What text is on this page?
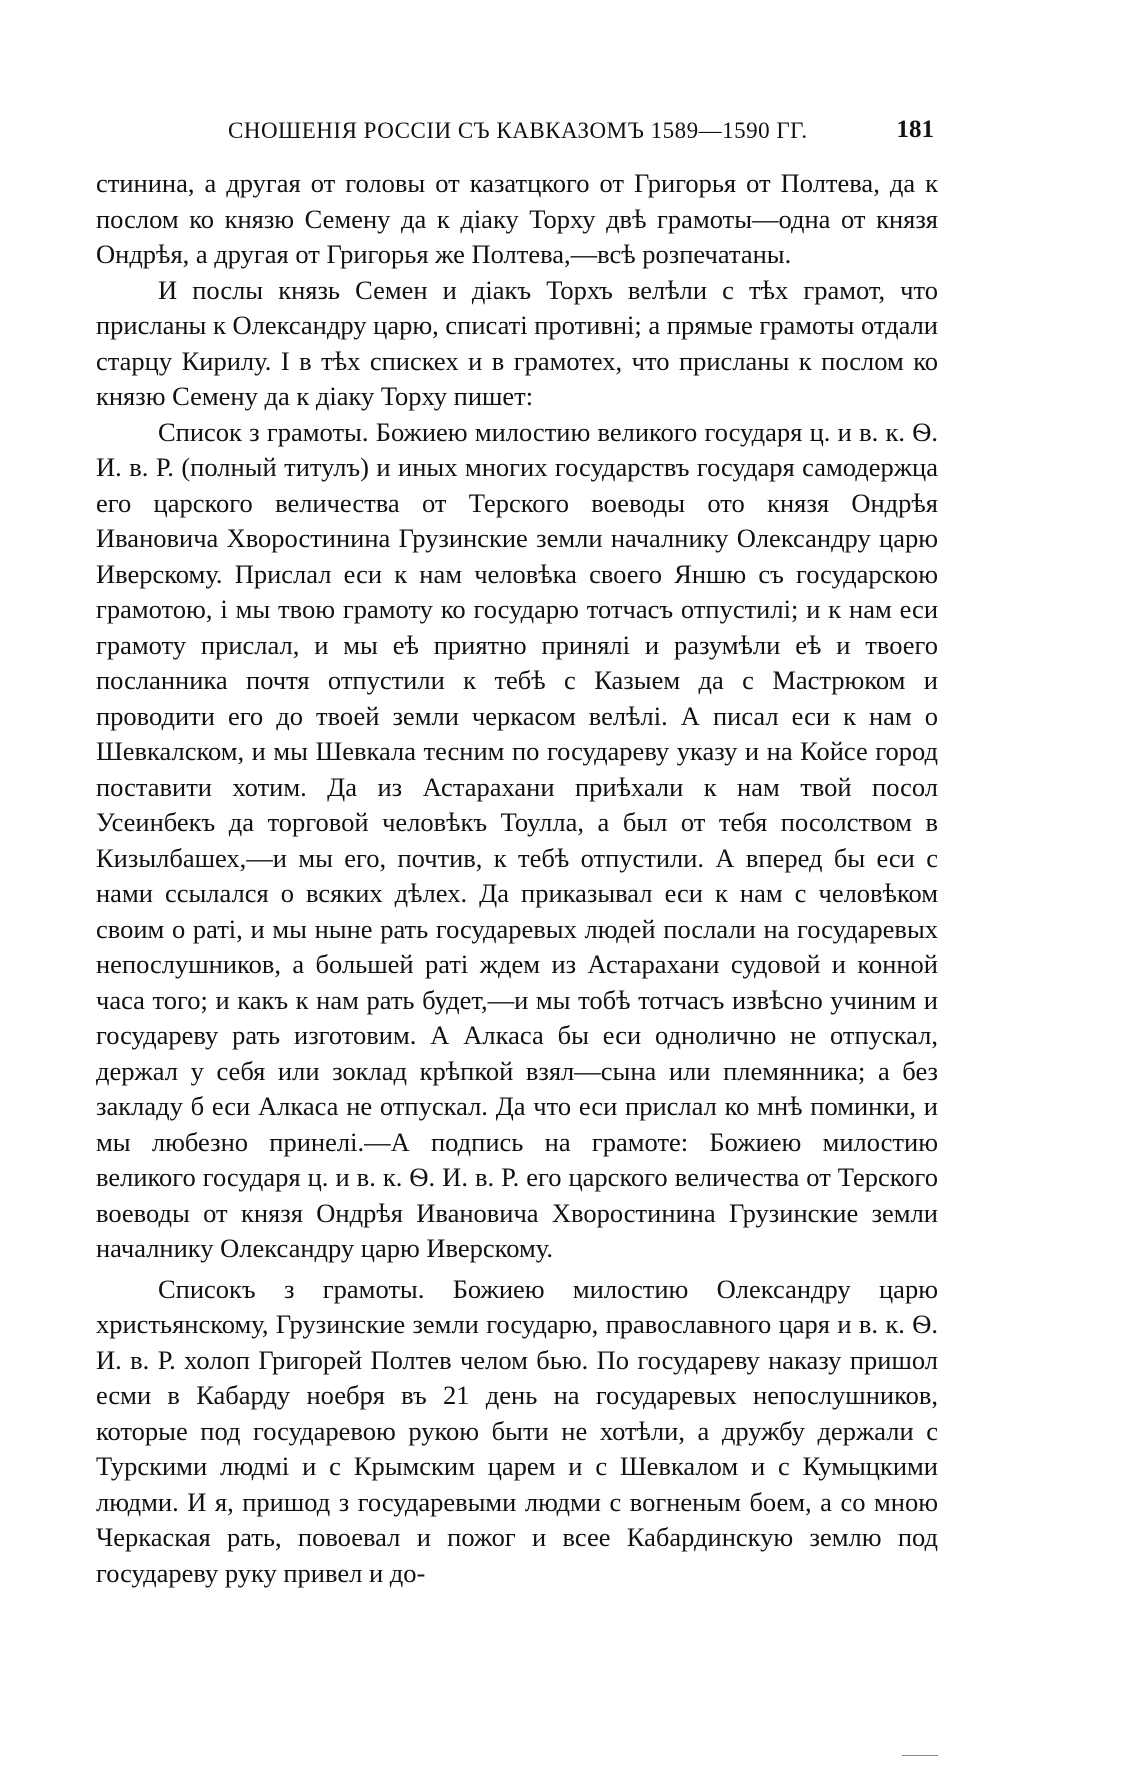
СНОШЕНІЯ РОССІИ СЪ КАВКАЗОМЪ 1589—1590 ГГ.	181

стинина, а другая от головы от казатцкого от Григорья от Полтева, да к послом ко князю Семену да к діаку Торху двѣ грамоты—одна от князя Ондрѣя, а другая от Григорья же Полтева,—всѣ розпечатаны.

И послы князь Семен и діакъ Торхъ велѣли с тѣх грамот, что присланы к Олександру царю, списаті противні; а прямые грамоты отдали старцу Кирилу. І в тѣх спискех и в грамотех, что присланы к послом ко князю Семену да к діаку Торху пишет:

Список з грамоты. Божиею милостию великого государя ц. и в. к. Ѳ. И. в. Р. (полный титулъ) и иных многих государствъ государя самодержца его царского величества от Терского воеводы ото князя Ондрѣя Ивановича Хворостинина Грузинские земли началнику Олександру царю Иверскому. Прислал еси к нам человѣка своего Яншю съ государскою грамотою, і мы твою грамоту ко государю тотчасъ отпустилі; и к нам еси грамоту прислал, и мы еѣ приятно принялі и разумѣли еѣ и твоего посланника почтя отпустили к тебѣ с Казыем да с Мастрюком и проводити его до твоей земли черкасом велѣлі. А писал еси к нам о Шевкалском, и мы Шевкала тесним по государеву указу и на Койсе город поставити хотим. Да из Астарахани приѣхали к нам твой посол Усеинбекъ да торговой человѣкъ Тоулла, а был от тебя посолством в Кизылбашех,—и мы его, почтив, к тебѣ отпустили. А вперед бы еси с нами ссылался о всяких дѣлех. Да приказывал еси к нам с человѣком своим о раті, и мы ныне рать государевых людей послали на государевых непослушников, а большей раті ждем из Астарахани судовой и конной часа того; и какъ к нам рать будет,—и мы тобѣ тотчасъ извѣсно учиним и государеву рать изготовим. А Алкаса бы еси однолично не отпускал, держал у себя или зоклад крѣпкой взял—сына или племянника; а без закладу б еси Алкаса не отпускал. Да что еси прислал ко мнѣ поминки, и мы любезно принелі.—А подпись на грамоте: Божиею милостию великого государя ц. и в. к. Ѳ. И. в. Р. его царского величества от Терского воеводы от князя Ондрѣя Ивановича Хворостинина Грузинские земли началнику Олександру царю Иверскому.

Списокъ з грамоты. Божиею милостию Олександру царю христьянскому, Грузинские земли государю, православного царя и в. к. Ѳ. И. в. Р. холоп Григорей Полтев челом бью. По государеву наказу пришол есми в Кабарду ноебря въ 21 день на государевых непослушников, которые под государевою рукою быти не хотѣли, а дружбу держали с Турскими людмі и с Крымским царем и с Шевкалом и с Кумыцкими людми. И я, пришод з государевыми людми с вогненым боем, а со мною Черкаская рать, повоевал и пожог и всее Кабардинскую землю под государеву руку привел и до-
